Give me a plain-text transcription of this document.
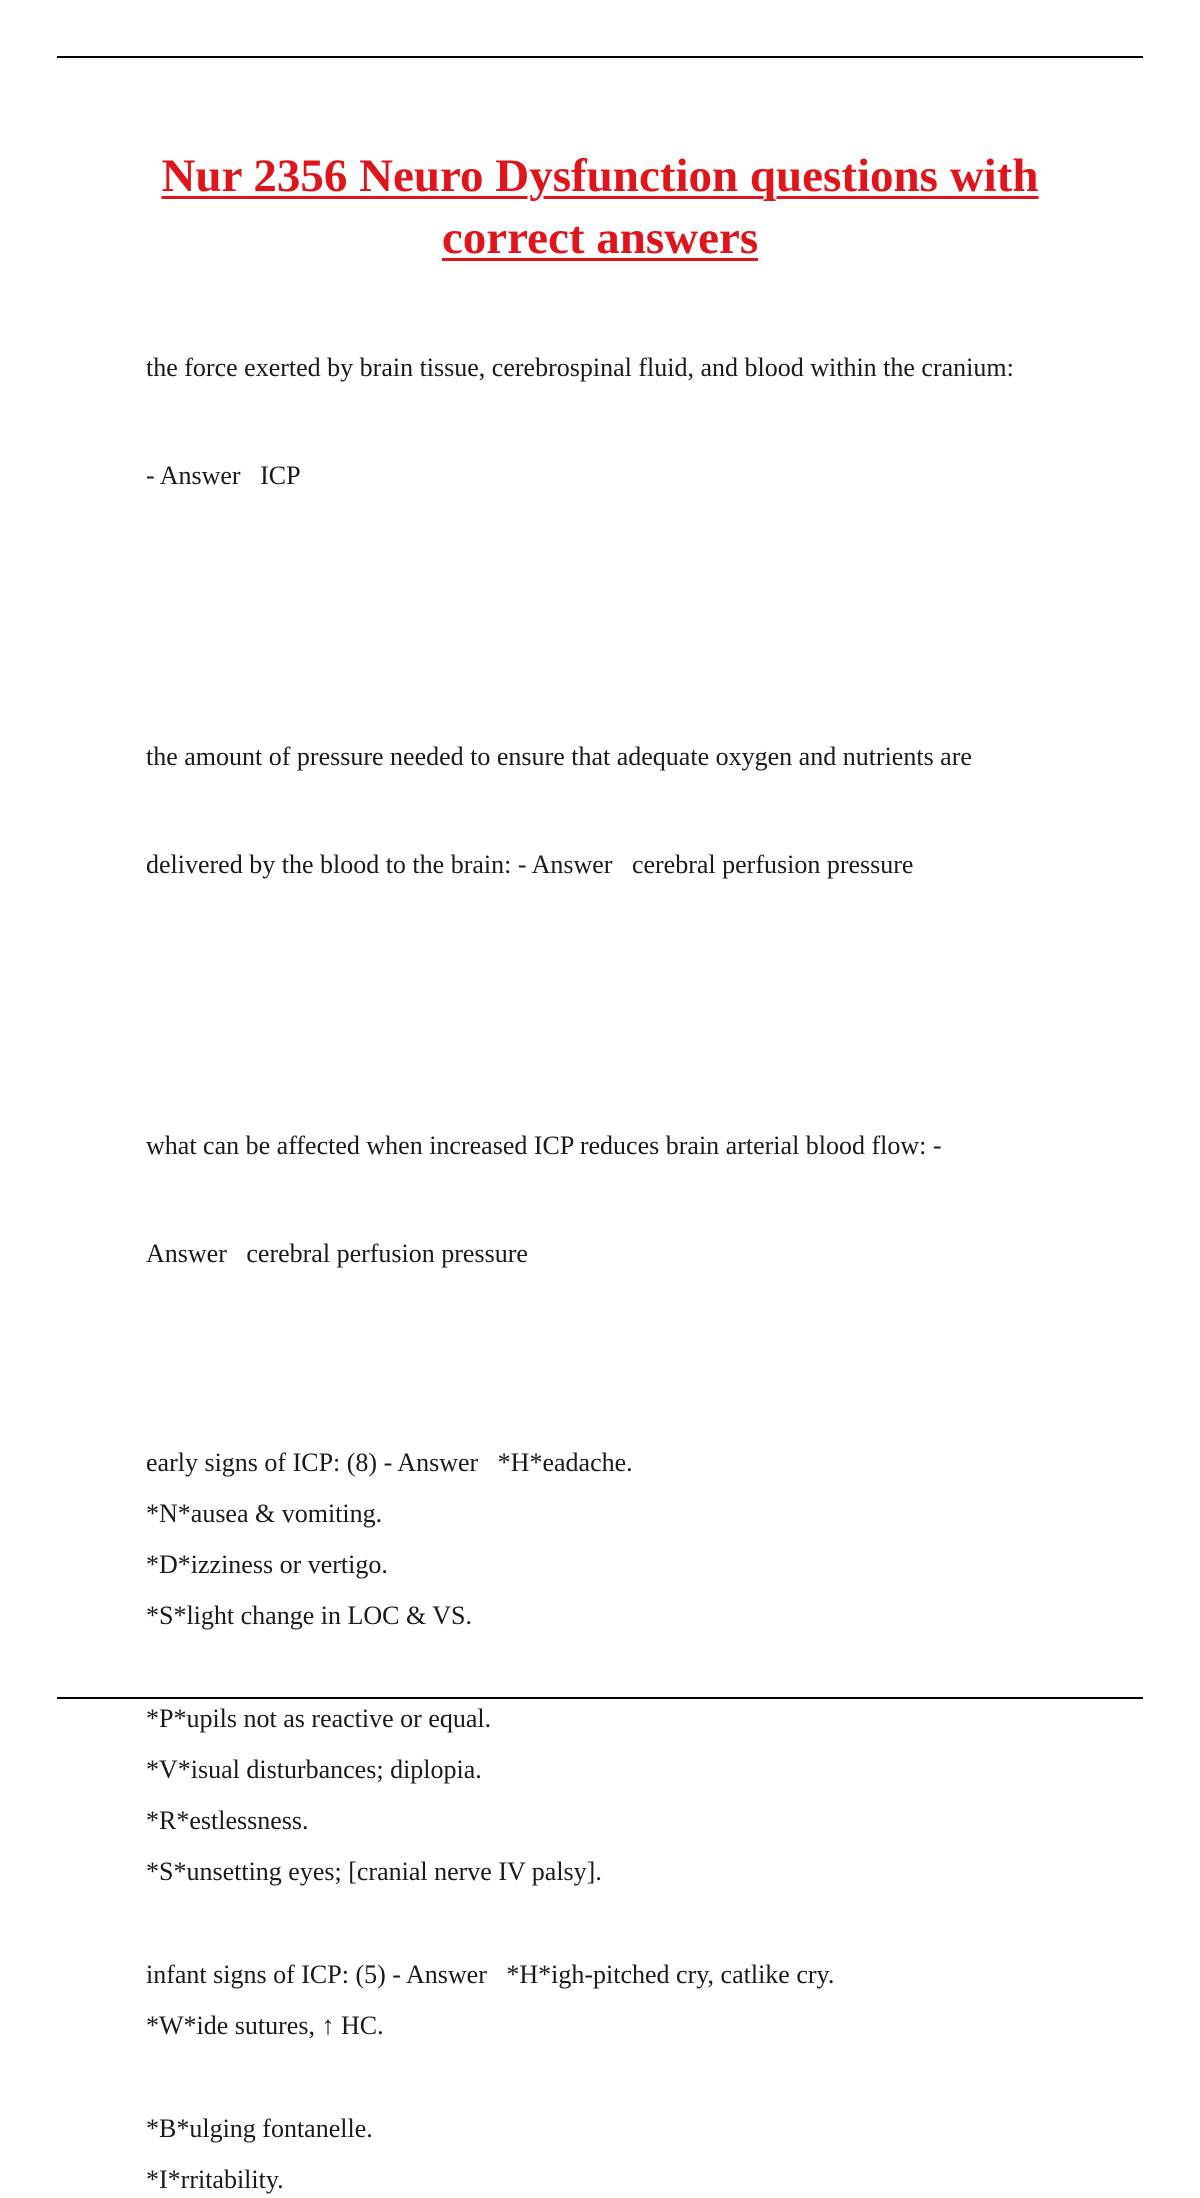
Nur 2356 Neuro Dysfunction questions with
correct answers

the force exerted by brain tissue, cerebrospinal fluid, and blood within the cranium:

- Answer   ICP

the amount of pressure needed to ensure that adequate oxygen and nutrients are

delivered by the blood to the brain: - Answer   cerebral perfusion pressure

what can be affected when increased ICP reduces brain arterial blood flow: -

Answer   cerebral perfusion pressure

early signs of ICP: (8) - Answer   *H*eadache.

*N*ausea & vomiting.

*D*izziness or vertigo.

*S*light change in LOC & VS.

*P*upils not as reactive or equal.

*V*isual disturbances; diplopia.

*R*estlessness.

*S*unsetting eyes; [cranial nerve IV palsy].

infant signs of ICP: (5) - Answer   *H*igh-pitched cry, catlike cry.

*W*ide sutures, ↑ HC.

*B*ulging fontanelle.

*I*rritability.
